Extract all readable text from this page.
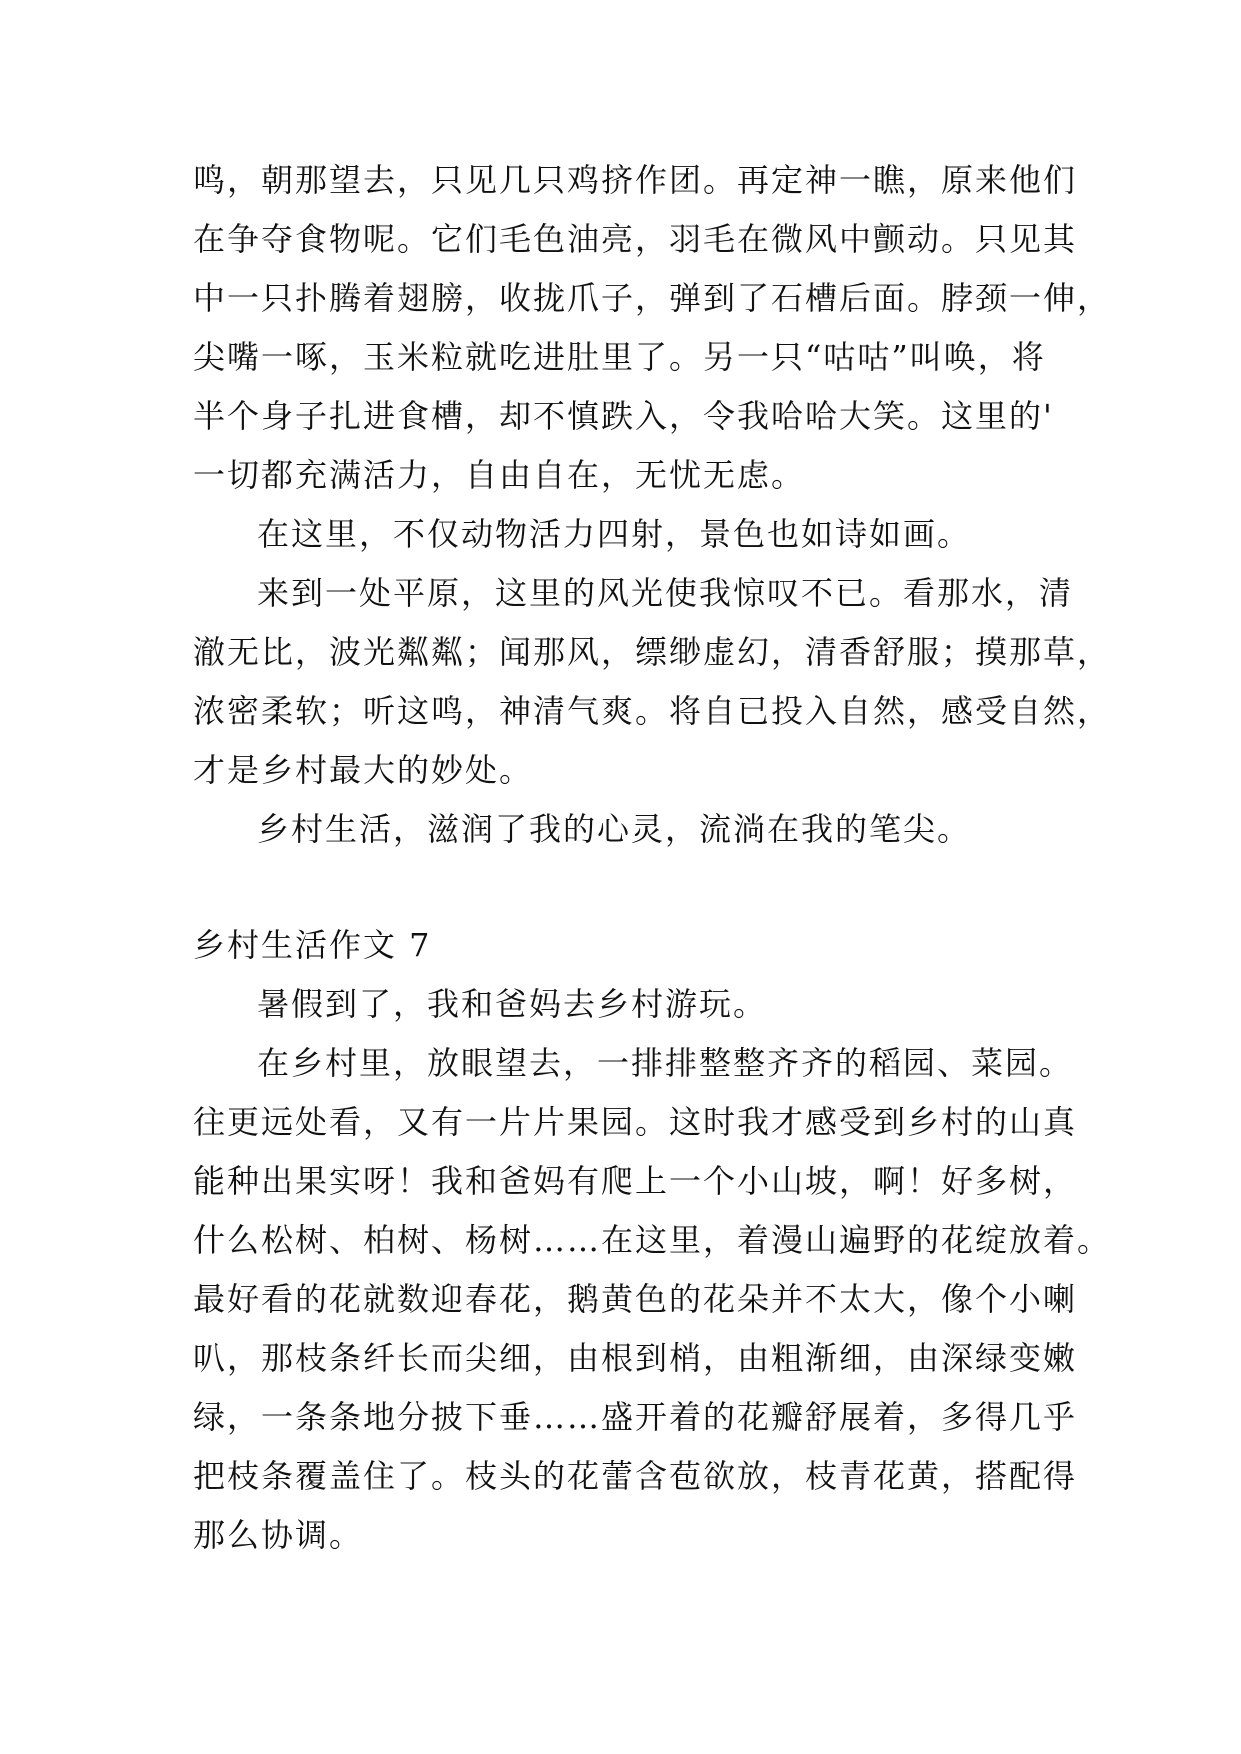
鸣，朝那望去，只见几只鸡挤作团。再定神一瞧，原来他们
在争夺食物呢。它们毛色油亮，羽毛在微风中颤动。只见其
中一只扑腾着翅膀，收拢爪子，弹到了石槽后面。脖颈一伸，
尖嘴一啄，玉米粒就吃进肚里了。另一只“咕咕”叫唤，将
半个身子扎进食槽，却不慎跌入，令我哈哈大笑。这里的'
一切都充满活力，自由自在，无忧无虑。
在这里，不仅动物活力四射，景色也如诗如画。
来到一处平原，这里的风光使我惊叹不已。看那水，清
澈无比，波光粼粼；闻那风，缥缈虚幻，清香舒服；摸那草，
浓密柔软；听这鸣，神清气爽。将自已投入自然，感受自然，
才是乡村最大的妙处。
乡村生活，滋润了我的心灵，流淌在我的笔尖。
乡村生活作文 7
暑假到了，我和爸妈去乡村游玩。
在乡村里，放眼望去，一排排整整齐齐的稻园、菜园。
往更远处看，又有一片片果园。这时我才感受到乡村的山真
能种出果实呀！我和爸妈有爬上一个小山坡，啊！好多树，
什么松树、柏树、杨树……在这里，着漫山遍野的花绽放着。
最好看的花就数迎春花，鹅黄色的花朵并不太大，像个小喇
叭，那枝条纤长而尖细，由根到梢，由粗渐细，由深绿变嫩
绿，一条条地分披下垂……盛开着的花瓣舒展着，多得几乎
把枝条覆盖住了。枝头的花蕾含苞欲放，枝青花黄，搭配得
那么协调。
